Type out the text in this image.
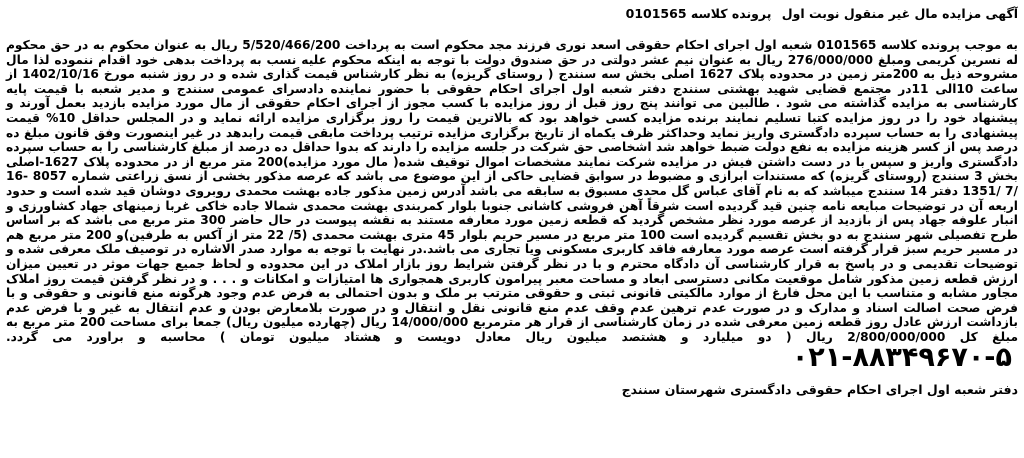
آگهی مزایده مال غیر منقول نوبت اول پرونده کلاسه 0101565
به موجب پرونده کلاسه 0101565 شعبه اول اجرای احکام حقوقی اسعد نوری فرزند مجد محکوم است به پرداخت 5/520/466/200 ریال به عنوان محکوم به در حق محکوم له نسرین کریمی ومبلغ 276/000/000 ریال به عنوان نیم عشر دولتی در حق صندوق دولت با توجه به اینکه محکوم علیه نسب به پرداخت بدهی خود اقدام ننموده لذا مال مشروحه ذیل به 200متر زمین در محدوده پلاک 1627 اصلی بخش سه سنندج ( روستای گریزه) به نظر کارشناس قیمت گذاری شده و در روز شنبه مورخ 1402/10/16 از ساعت 10الی 11در مجتمع قضایی شهید بهشتی سنندج دفتر شعبه اول اجرای احکام حقوقی با حضور نماینده دادسرای عمومی سنندج و مدیر شعبه با قیمت پایه کارشناسی به مزایده گذاشته می شود . طالبین می توانند پنج روز قبل از روز مزایده با کسب مجوز از اجرای احکام حقوقی از مال مورد مزایده بازدید بعمل آورند و پیشنهاد خود را در روز مزایده کتبا تسلیم نمایند برنده مزایده کسی خواهد بود که بالاترین قیمت را روز برگزاری مزایده ارائه نماید و در المجلس حداقل 10% قیمت پیشنهادی را به حساب سپرده دادگستری واریز نماید وحداکثر ظرف یکماه از تاریخ برگزاری مزایده ترتیب پرداخت مابقی قیمت رابدهد در غیر اینصورت وفق قانون مبلغ ده درصد پس از کسر هزینه مزایده به نفع دولت ضبط خواهد شد اشخاصی حق شرکت در جلسه مزایده را دارند که بدوا حداقل ده درصد از مبلغ کارشناسی را به حساب سپرده دادگستری واریز و سپس با در دست داشتن فیش در مزایده شرکت نمایند مشخصات اموال توقیف شده( مال مورد مزایده)200 متر مربع از در محدوده پلاک 1627-اصلی بخش 3 سنندج (روستای گریزه) که مستندات ابرازی و مضبوط در سوابق قضایی حاکی از این موضوع می باشد که عرصه مذکور بخشی از نسق زراعتی شماره 8057 -16 /7 /1351 دفتر 14 سنندج میباشد که به نام آقای عباس گل محدی مسبوق به سابقه می باشد آدرس زمین مذکور جاده بهشت محمدی روبروی دوشان قید شده است و حدود اربعه آن در توضیحات مبایعه نامه چنین قید گردیده است شرقاً آهن فروشی کاشانی جنوبا بلوار کمربندی بهشت محمدی شمالا جاده خاکی غربا زمینهای جهاد کشاورزی و انبار علوفه جهاد پس از بازدید از عرصه مورد نظر مشخص گردید که قطعه زمین مورد معارفه مستند به نقشه پیوست در حال حاضر 300 متر مربع می باشد که بر اساس طرح تفصیلی شهر سنندج به دو بخش تقسیم گردیده است 100 متر مربع در مسیر حریم بلوار 45 متری بهشت محمدی (5/ 22 متر از آکس به طرفین)و 200 متر مربع هم در مسیر حریم سبز قرار گرفته است عرصه مورد معارفه فاقد کاربری مسکونی ویا تجاری می باشد.در نهایت با توجه به موارد صدر الاشاره در توصیف ملک معرفی شده و توضیحات تقدیمی و در پاسخ به قرار کارشناسی آن دادگاه محترم و با در نظر گرفتن شرایط روز بازار املاک در این محدوده و لحاظ جمیع جهات موثر در تعیین میزان ارزش قطعه زمین مذکور شامل موقعیت مکانی دسترسی ابعاد و مساحت معبر پیرامون کاربری همجواری ها امتیازات و امکانات و . . . و در نظر گرفتن قیمت روز املاک مجاور مشابه و متناسب با این محل فارغ از موارد مالکیتی قانونی ثبتی و حقوقی مترتب بر ملک و بدون احتمالی به فرض عدم وجود هرگونه منع قانونی و حقوقی و با فرض صحت اصالت اسناد و مدارک و در صورت عدم ترهین عدم وقف عدم منع قانونی نقل و انتقال و در صورت بلامعارض بودن و عدم انتقال به غیر و با فرض عدم بازداشت ارزش عادل روز قطعه زمین معرفی شده در زمان کارشناسی از قرار هر مترمربع 14/000/000 ریال (چهارده میلیون ریال) جمعا برای مساحت 200 متر مربع به مبلغ کل 2/800/000/000 ریال ( دو میلیارد و هشتصد میلیون ریال معادل دویست و هشتاد میلیون تومان ) محاسبه و براورد می گردد.۰۲۱-۸۸۳۴۹۶۷۰-۵
دفتر شعبه اول اجرای احکام حقوقی دادگستری شهرستان سنندج
